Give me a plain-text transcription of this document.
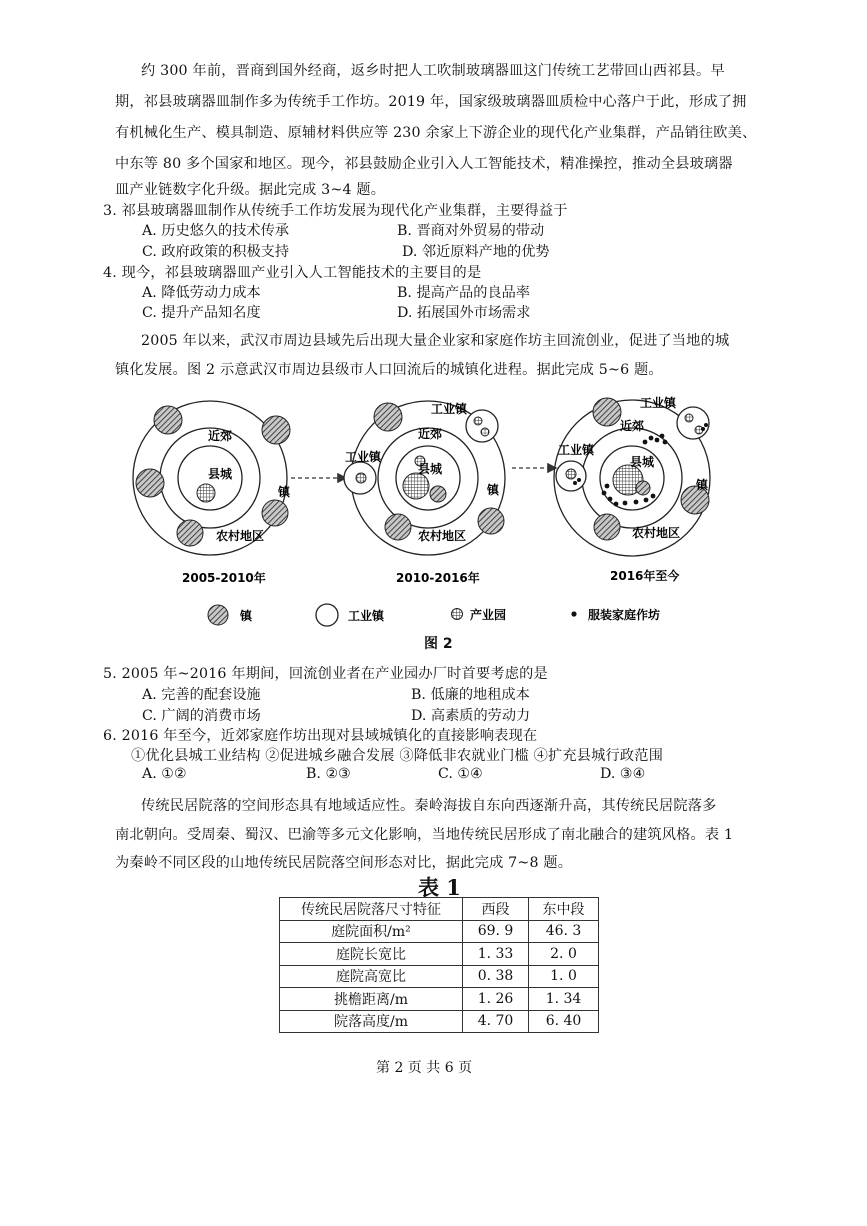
约 300 年前，晋商到国外经商，返乡时把人工吹制玻璃器皿这门传统工艺带回山西祁县。早
期，祁县玻璃器皿制作多为传统手工作坊。2019 年，国家级玻璃器皿质检中心落户于此，形成了拥
有机械化生产、模具制造、原辅材料供应等 230 余家上下游企业的现代化产业集群，产品销往欧美、
中东等 80 多个国家和地区。现今，祁县鼓励企业引入人工智能技术，精准操控，推动全县玻璃器
皿产业链数字化升级。据此完成 3~4 题。
3. 祁县玻璃器皿制作从传统手工作坊发展为现代化产业集群，主要得益于
A. 历史悠久的技术传承	B. 晋商对外贸易的带动
C. 政府政策的积极支持	D. 邻近原料产地的优势
4. 现今，祁县玻璃器皿产业引入人工智能技术的主要目的是
A. 降低劳动力成本	B. 提高产品的良品率
C. 提升产品知名度	D. 拓展国外市场需求
2005 年以来，武汉市周边县域先后出现大量企业家和家庭作坊主回流创业，促进了当地的城
镇化发展。图 2 示意武汉市周边县级市人口回流后的城镇化进程。据此完成 5~6 题。
近郊
县城
镇
农村地区
2005-2010年
工业镇
工业镇
近郊
县城
镇
农村地区
2010-2016年
工业镇
工业镇
近郊
县城
镇
农村地区
2016年至今
镇	工业镇	产业园	服装家庭作坊
图 2
5. 2005 年~2016 年期间，回流创业者在产业园办厂时首要考虑的是
A. 完善的配套设施	B. 低廉的地租成本
C. 广阔的消费市场	D. 高素质的劳动力
6. 2016 年至今，近郊家庭作坊出现对县域城镇化的直接影响表现在
①优化县城工业结构 ②促进城乡融合发展 ③降低非农就业门槛 ④扩充县城行政范围
A. ①②	B. ②③	C. ①④	D. ③④
传统民居院落的空间形态具有地域适应性。秦岭海拔自东向西逐渐升高，其传统民居院落多
南北朝向。受周秦、蜀汉、巴渝等多元文化影响，当地传统民居形成了南北融合的建筑风格。表 1
为秦岭不同区段的山地传统民居院落空间形态对比，据此完成 7~8 题。
表 1
传统民居院落尺寸特征	西段	东中段
庭院面积/m²	69. 9	46. 3
庭院长宽比	1. 33	2. 0
庭院高宽比	0. 38	1. 0
挑檐距离/m	1. 26	1. 34
院落高度/m	4. 70	6. 40
第 2 页 共 6 页
